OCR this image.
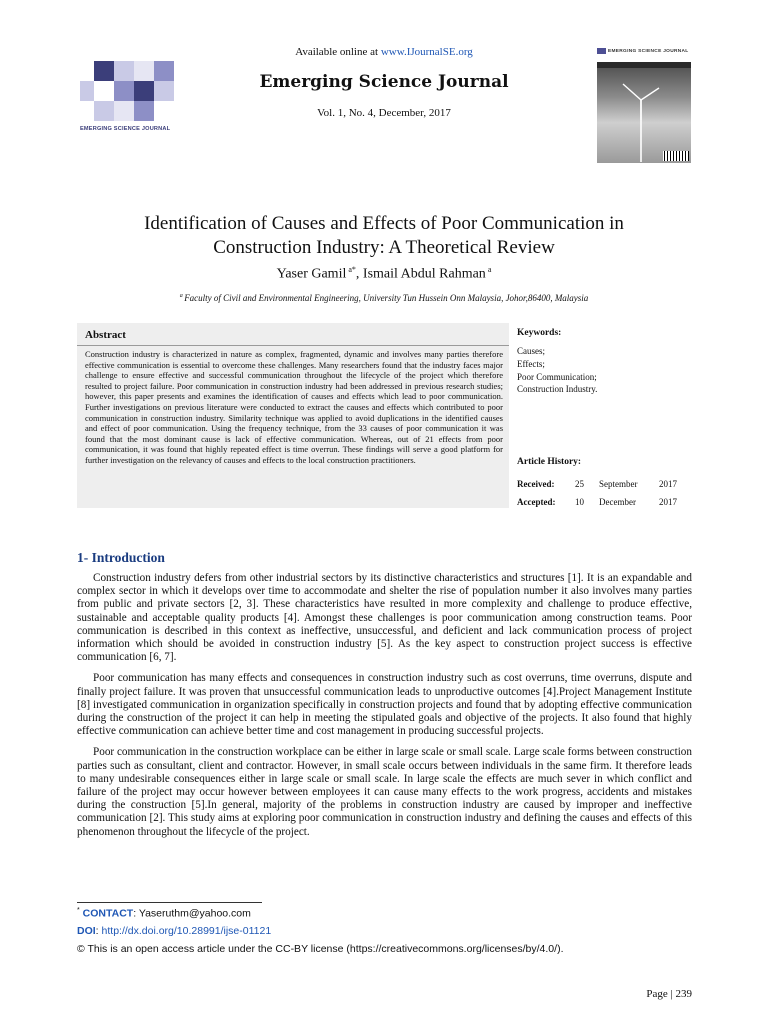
EMERGING SCIENCE JOURNAL
Available online at www.IJournalSE.org
Emerging Science Journal
Vol. 1, No. 4, December, 2017
EMERGING SCIENCE JOURNAL
Identification of Causes and Effects of Poor Communication in
Construction Industry: A Theoretical Review
Yaser Gamil $^{a*}$, Ismail Abdul Rahman $^a$
$^a$ Faculty of Civil and Environmental Engineering, University Tun Hussein Onn Malaysia, Johor,86400, Malaysia
Abstract

Construction industry is characterized in nature as complex, fragmented, dynamic and involves many parties therefore effective communication is essential to overcome these challenges. Many researchers found that the industry faces major challenge to ensure effective and successful communication throughout the lifecycle of the project which therefore resulted to project failure. Poor communication in construction industry had been addressed in previous research studies; however, this paper presents and examines the identification of causes and effects which lead to poor communication. Further investigations on previous literature were conducted to extract the causes and effects which contributed to poor communication in construction industry. Similarity technique was applied to avoid duplications in the identified causes and effect of poor communication. Using the frequency technique, from the 33 causes of poor communication it was found that the most dominant cause is lack of effective communication. Whereas, out of 21 effects from poor communication, it was found that highly repeated effect is time overrun. These findings will serve a good platform for further investigation on the relevancy of causes and effects to the local construction practitioners.

Keywords:
Causes;
Effects;
Poor Communication;
Construction Industry.
Article History:
Received:	25	September	2017
Accepted:	10	December	2017
1- Introduction

Construction industry defers from other industrial sectors by its distinctive characteristics and structures [1]. It is an expandable and complex sector in which it develops over time to accommodate and shelter the rise of population number it also involves many parties from public and private sectors [2, 3]. These characteristics have resulted in more complexity and challenge to produce effective, sustainable and acceptable quality products [4]. Amongst these challenges is poor communication among construction teams. Poor communication is described in this context as ineffective, unsuccessful, and deficient and lack communication process of project information which should be avoided in construction industry [5]. As the key aspect to construction project success is effective communication [6, 7].

Poor communication has many effects and consequences in construction industry such as cost overruns, time overruns, dispute and finally project failure. It was proven that unsuccessful communication leads to unproductive outcomes [4].Project Management Institute [8] investigated communication in organization specifically in construction projects and found that by adopting effective communication during the construction of the project it can help in meeting the stipulated goals and objective of the projects. It also found that highly effective communication can achieve better time and cost management in producing successful projects.

Poor communication in the construction workplace can be either in large scale or small scale. Large scale forms between construction parties such as consultant, client and contractor. However, in small scale occurs between individuals in the same firm. It therefore leads to many undesirable consequences either in large scale or small scale. In large scale the effects are much sever in which conflict and failure of the project may occur however between employees it can cause many effects to the work progress, accidents and mistakes during the construction [5].In general, majority of the problems in construction industry are caused by improper and ineffective communication [2]. This study aims at exploring poor communication in construction industry and defining the causes and effects of this phenomenon throughout the lifecycle of the project.

* CONTACT: Yaseruthm@yahoo.com
DOI: http://dx.doi.org/10.28991/ijse-01121
© This is an open access article under the CC-BY license (https://creativecommons.org/licenses/by/4.0/).
Page | 239
